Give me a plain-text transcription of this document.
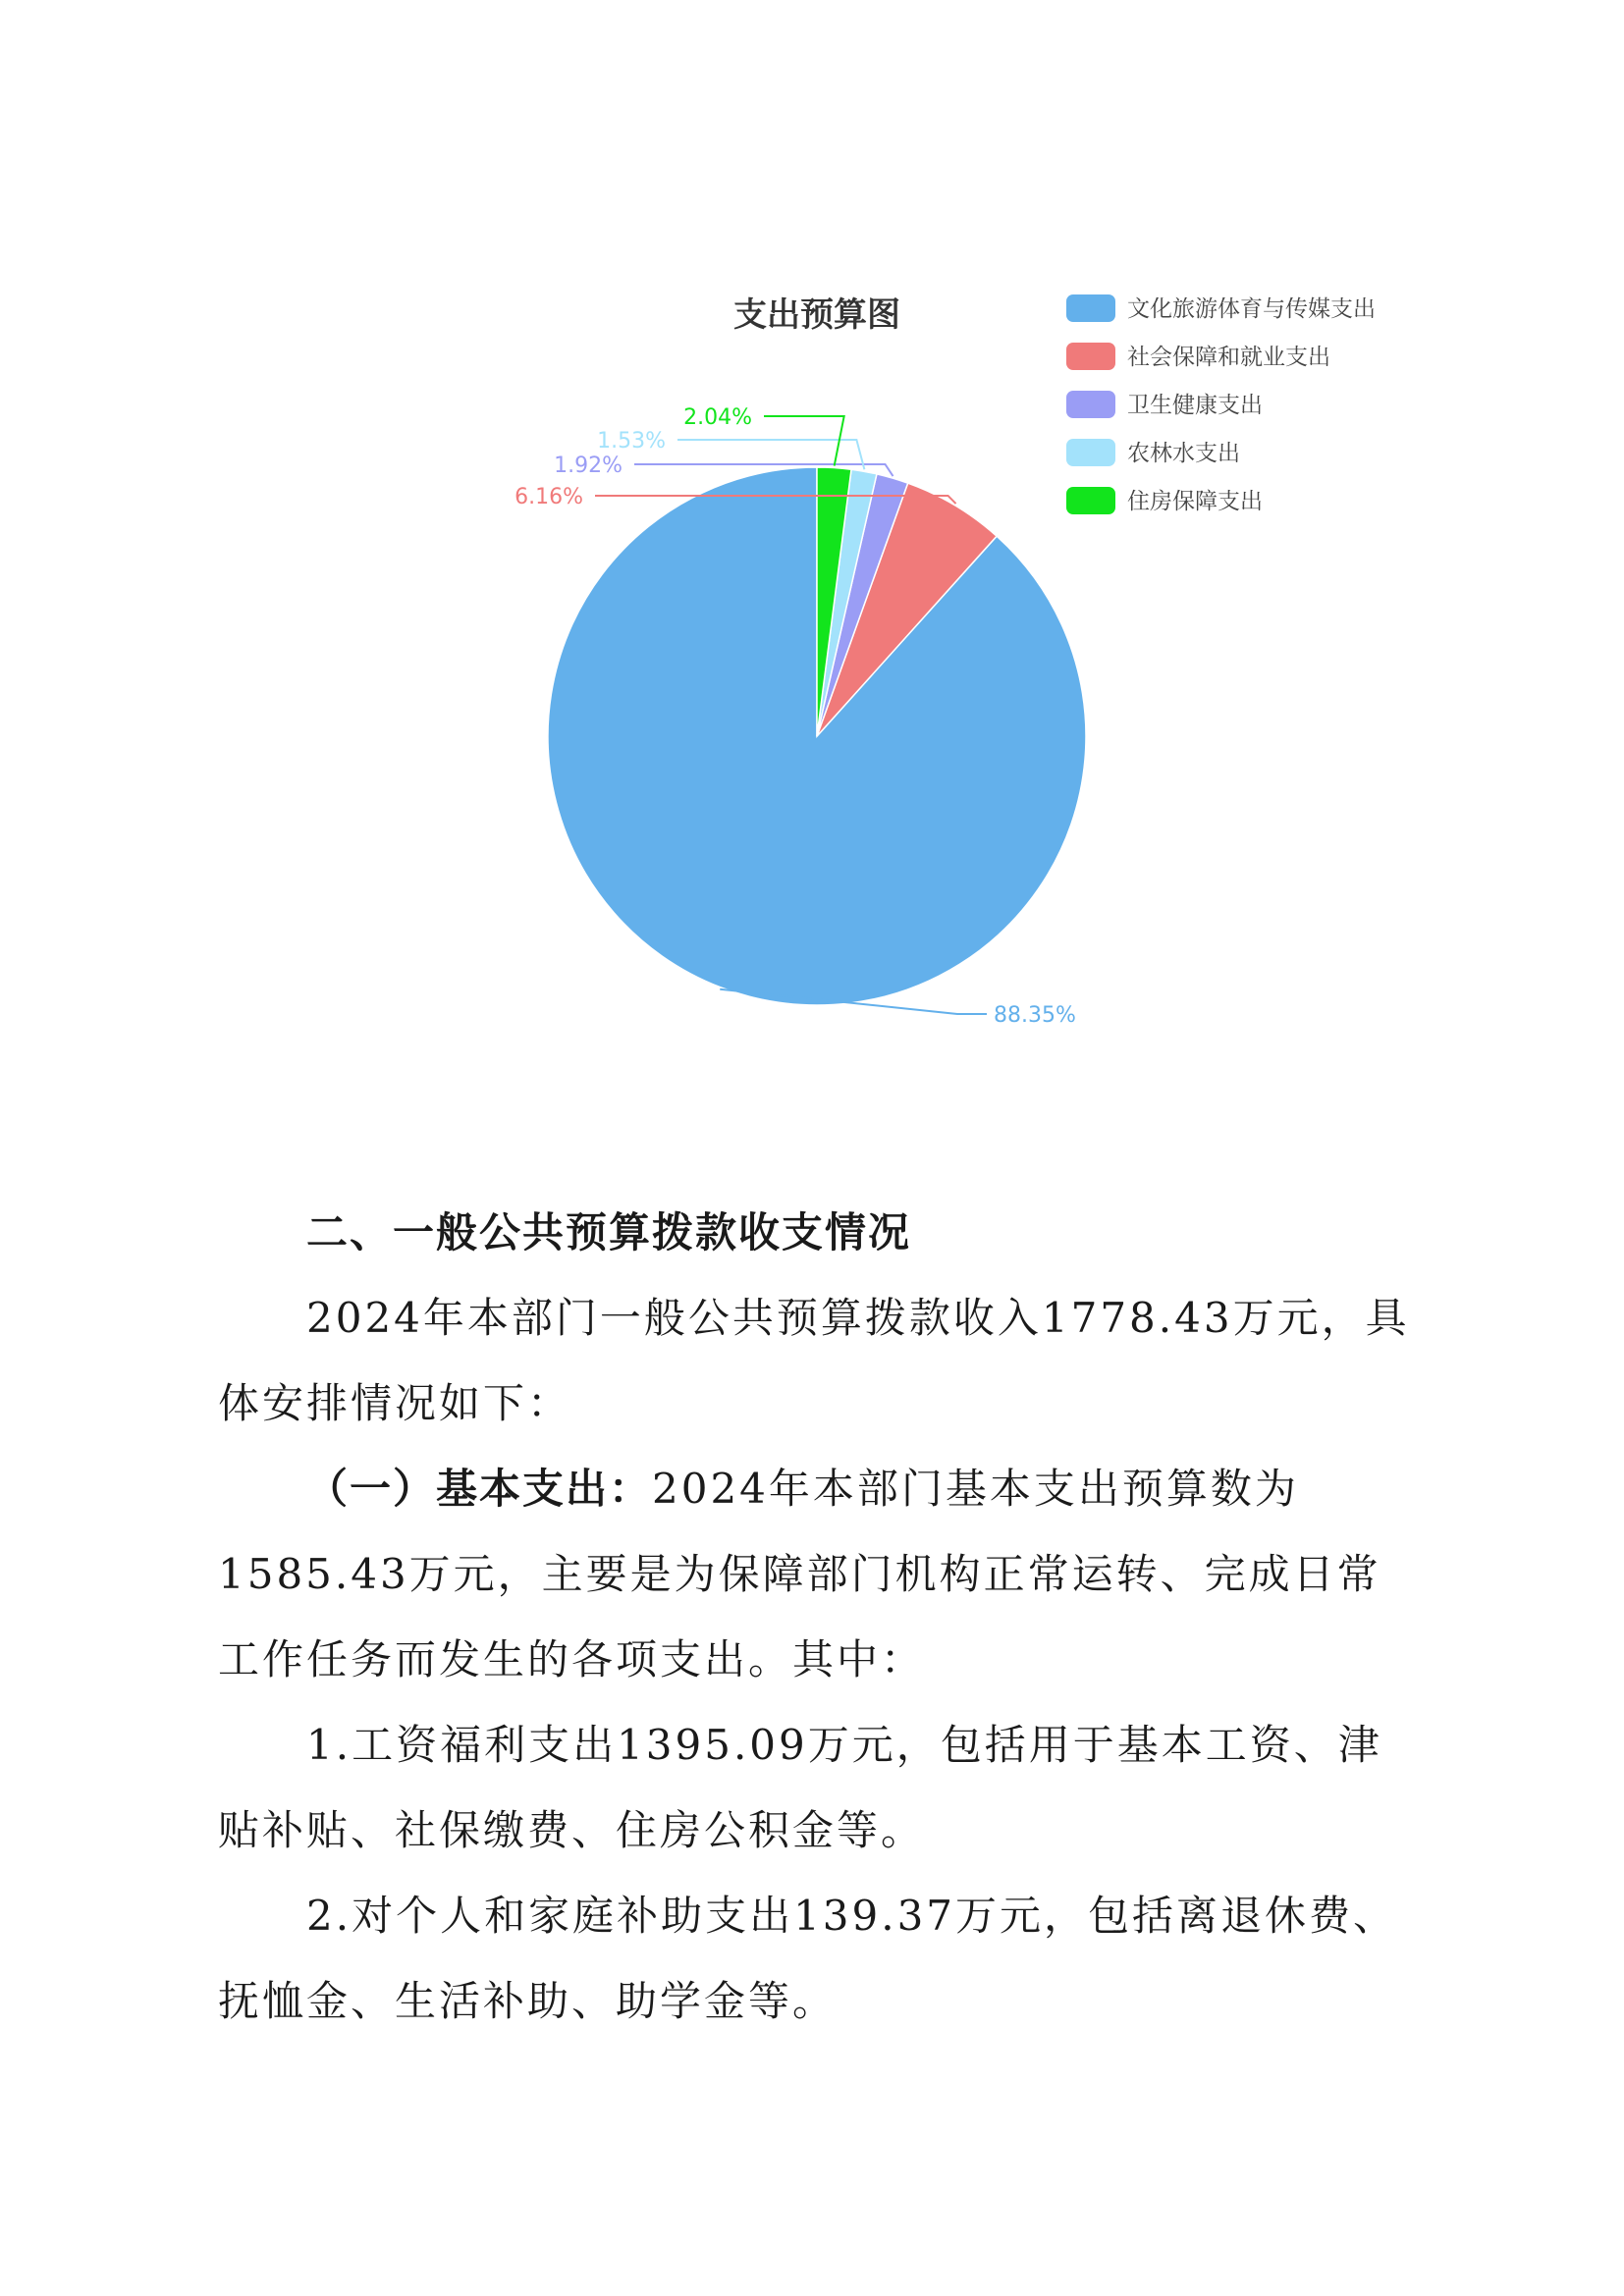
支出预算图
88.35%
6.16%
1.92%
1.53%
2.04%
文化旅游体育与传媒支出
社会保障和就业支出
卫生健康支出
农林水支出
住房保障支出

二、一般公共预算拨款收支情况

2024年本部门一般公共预算拨款收入1778.43万元，具体安排情况如下：

（一）基本支出：2024年本部门基本支出预算数为1585.43万元，主要是为保障部门机构正常运转、完成日常工作任务而发生的各项支出。其中：

1.工资福利支出1395.09万元，包括用于基本工资、津贴补贴、社保缴费、住房公积金等。

2.对个人和家庭补助支出139.37万元，包括离退休费、抚恤金、生活补助、助学金等。
